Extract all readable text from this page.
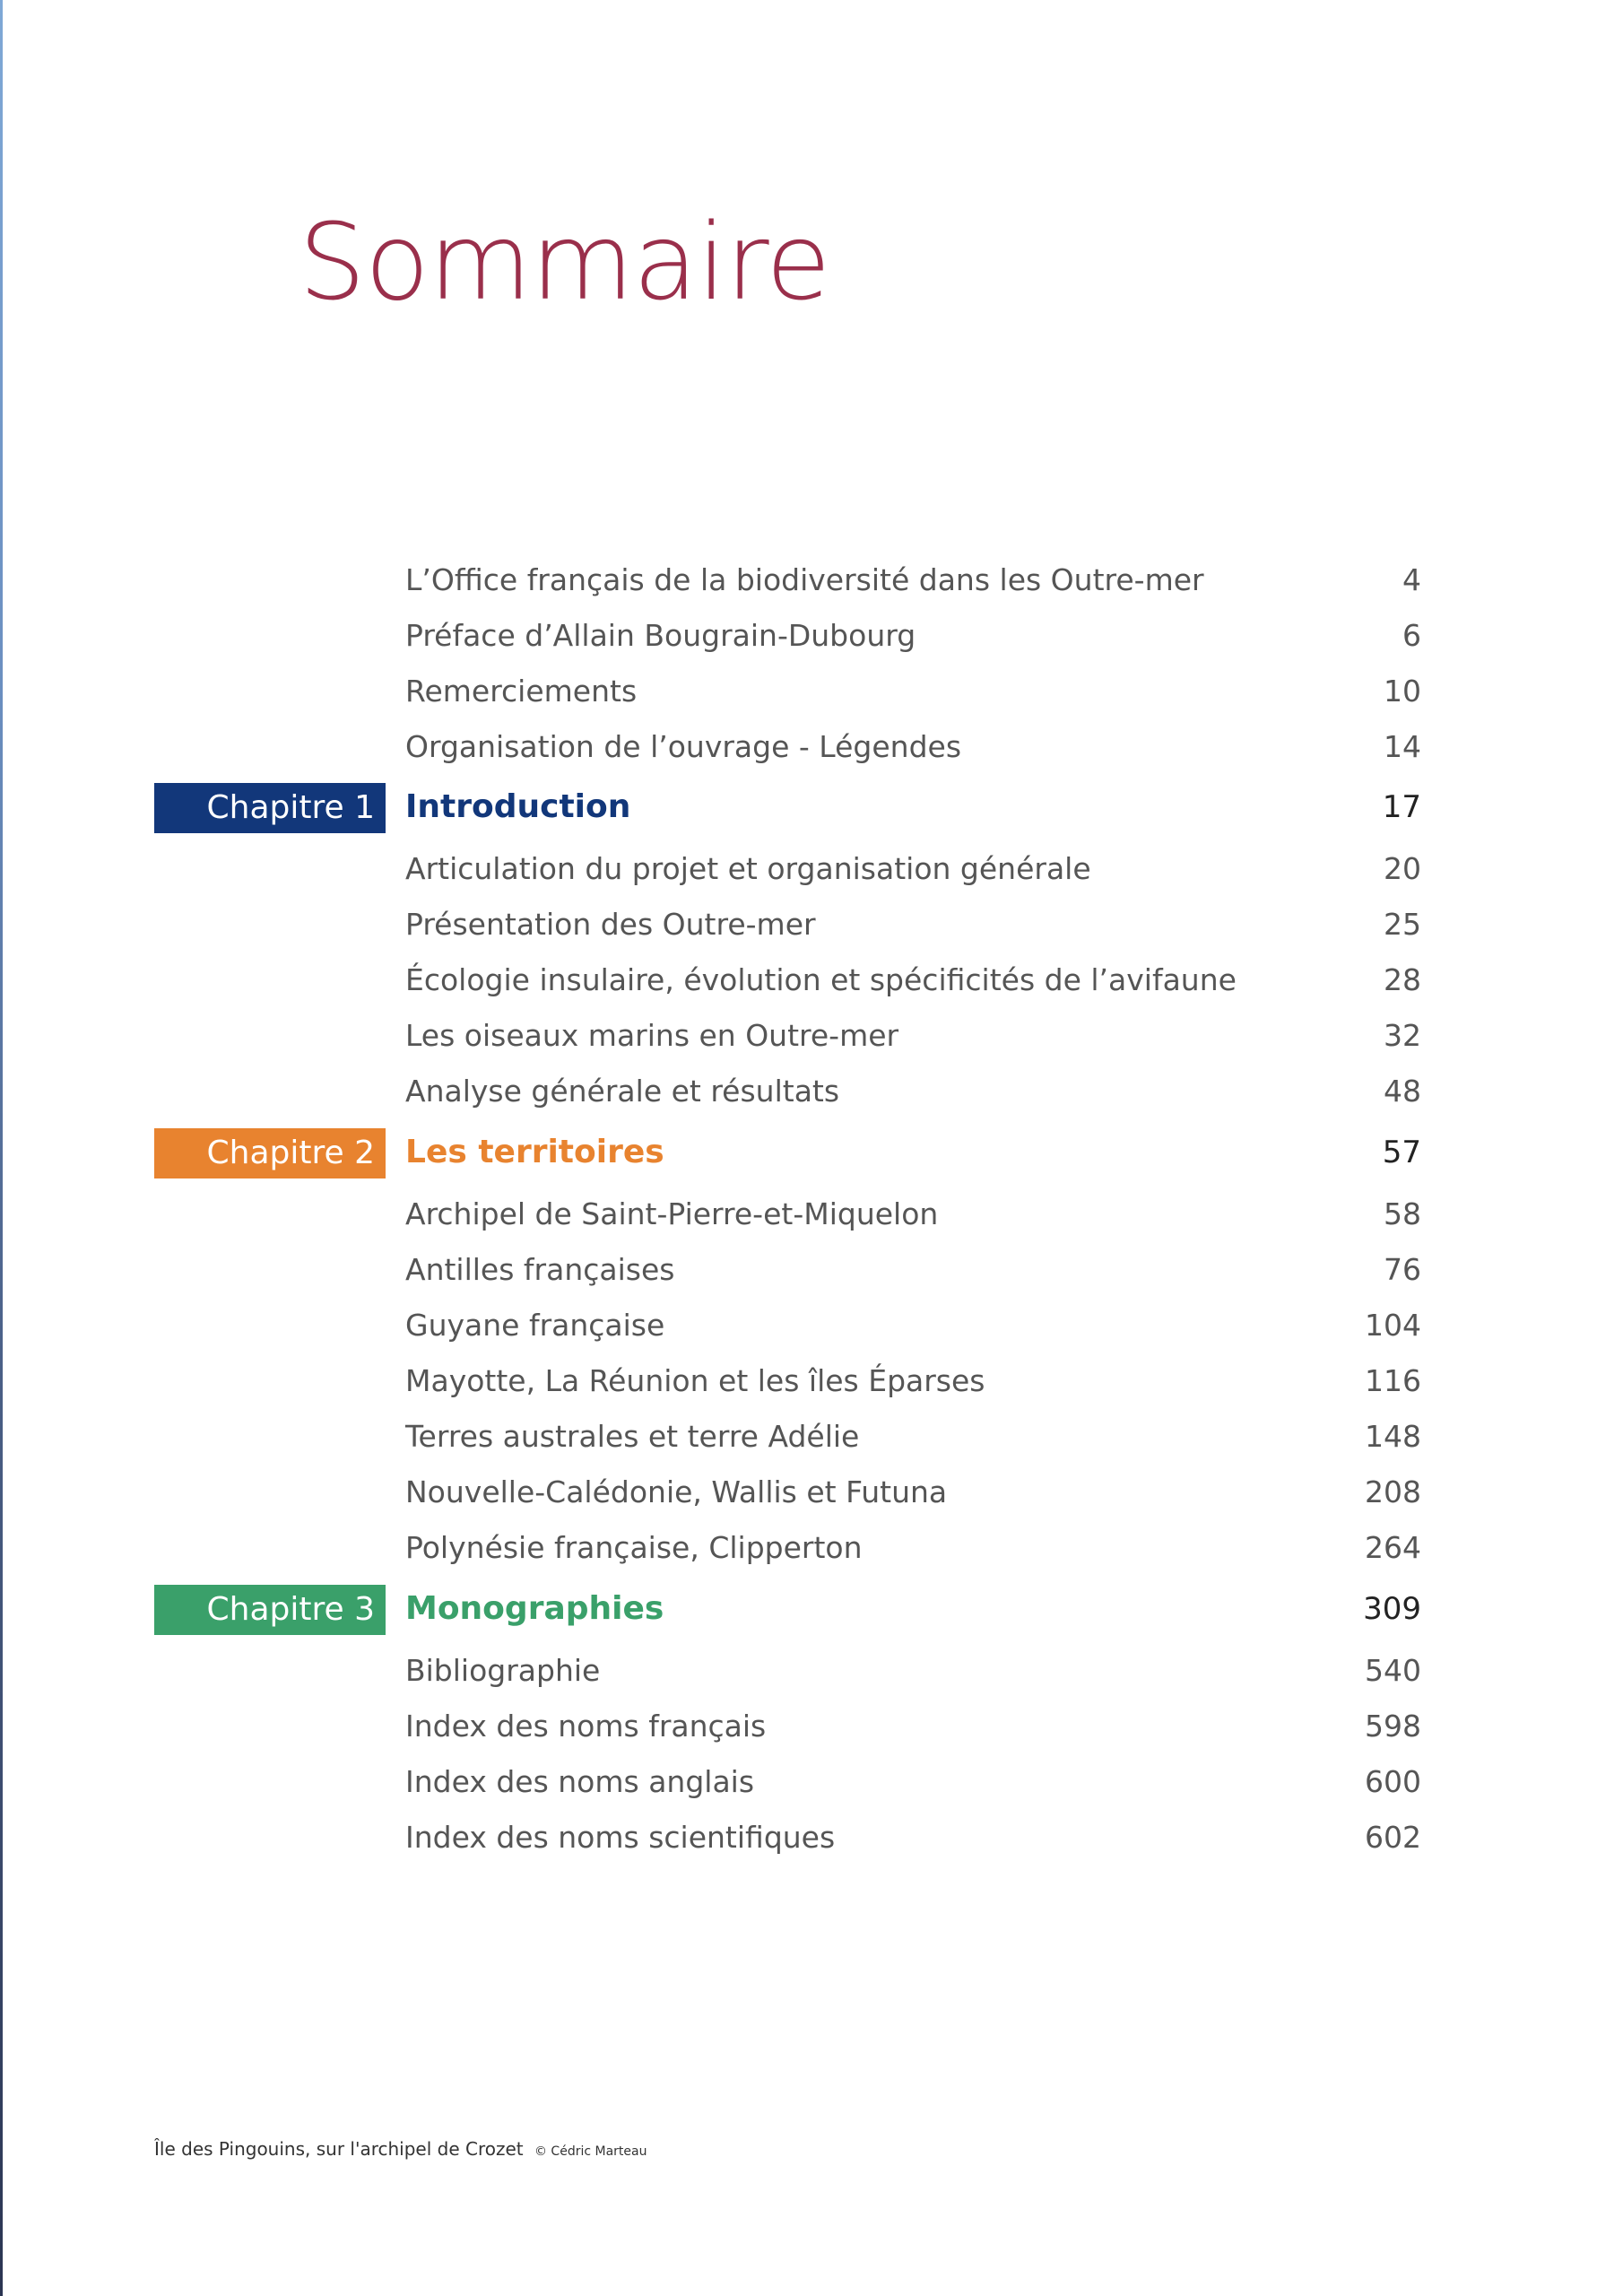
Sommaire
L’Office français de la biodiversité dans les Outre-mer	4
Préface d’Allain Bougrain-Dubourg	6
Remerciements	10
Organisation de l’ouvrage - Légendes	14
Chapitre 1 Introduction	17
Articulation du projet et organisation générale	20
Présentation des Outre-mer	25
Écologie insulaire, évolution et spécificités de l’avifaune	28
Les oiseaux marins en Outre-mer	32
Analyse générale et résultats	48
Chapitre 2 Les territoires	57
Archipel de Saint-Pierre-et-Miquelon	58
Antilles françaises	76
Guyane française	104
Mayotte, La Réunion et les îles Éparses	116
Terres australes et terre Adélie	148
Nouvelle-Calédonie, Wallis et Futuna	208
Polynésie française, Clipperton	264
Chapitre 3 Monographies	309
Bibliographie	540
Index des noms français	598
Index des noms anglais	600
Index des noms scientifiques	602
Île des Pingouins, sur l'archipel de Crozet © Cédric Marteau
